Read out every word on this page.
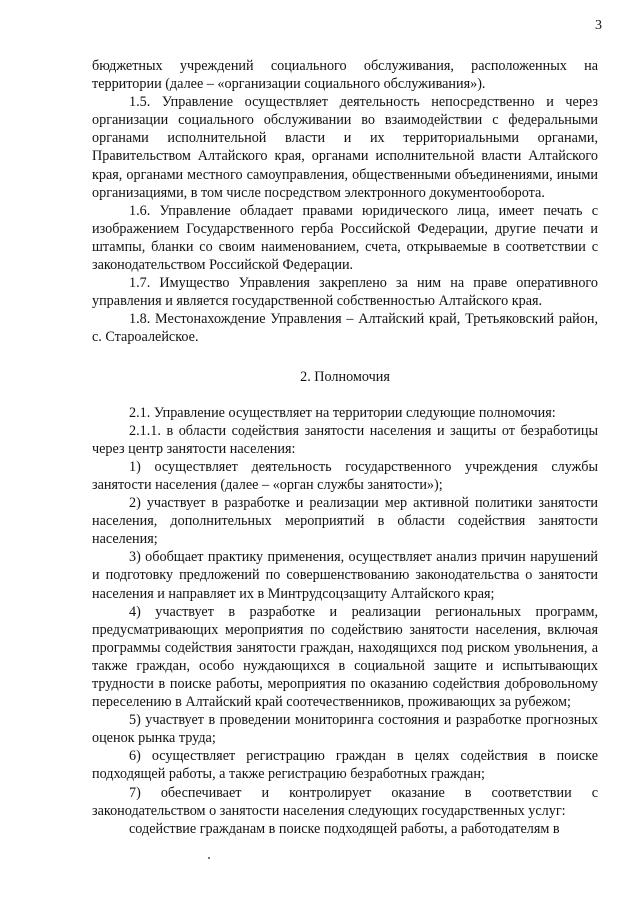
3

бюджетных учреждений социального обслуживания, расположенных на территории (далее – «организации социального обслуживания»).

1.5. Управление осуществляет деятельность непосредственно и через организации социального обслуживании во взаимодействии с федеральными органами исполнительной власти и их территориальными органами, Правительством Алтайского края, органами исполнительной власти Алтайского края, органами местного самоуправления, общественными объединениями, иными организациями, в том числе посредством электронного документооборота.

1.6. Управление обладает правами юридического лица, имеет печать с изображением Государственного герба Российской Федерации, другие печати и штампы, бланки со своим наименованием, счета, открываемые в соответствии с законодательством Российской Федерации.

1.7. Имущество Управления закреплено за ним на праве оперативного управления и является государственной собственностью Алтайского края.

1.8. Местонахождение Управления – Алтайский край, Третьяковский район, с. Староалейское.

2. Полномочия

2.1. Управление осуществляет на территории следующие полномочия:

2.1.1. в области содействия занятости населения и защиты от безработицы через центр занятости населения:

1) осуществляет деятельность государственного учреждения службы занятости населения (далее – «орган службы занятости»);

2) участвует в разработке и реализации мер активной политики занятости населения, дополнительных мероприятий в области содействия занятости населения;

3) обобщает практику применения, осуществляет анализ причин нарушений и подготовку предложений по совершенствованию законодательства о занятости населения и направляет их в Минтрудсоцзащиту Алтайского края;

4) участвует в разработке и реализации региональных программ, предусматривающих мероприятия по содействию занятости населения, включая программы содействия занятости граждан, находящихся под риском увольнения, а также граждан, особо нуждающихся в социальной защите и испытывающих трудности в поиске работы, мероприятия по оказанию содействия добровольному переселению в Алтайский край соотечественников, проживающих за рубежом;

5) участвует в проведении мониторинга состояния и разработке прогнозных оценок рынка труда;

6) осуществляет регистрацию граждан в целях содействия в поиске подходящей работы, а также регистрацию безработных граждан;

7) обеспечивает и контролирует оказание в соответствии с законодательством о занятости населения следующих государственных услуг:

содействие гражданам в поиске подходящей работы, а работодателям в
